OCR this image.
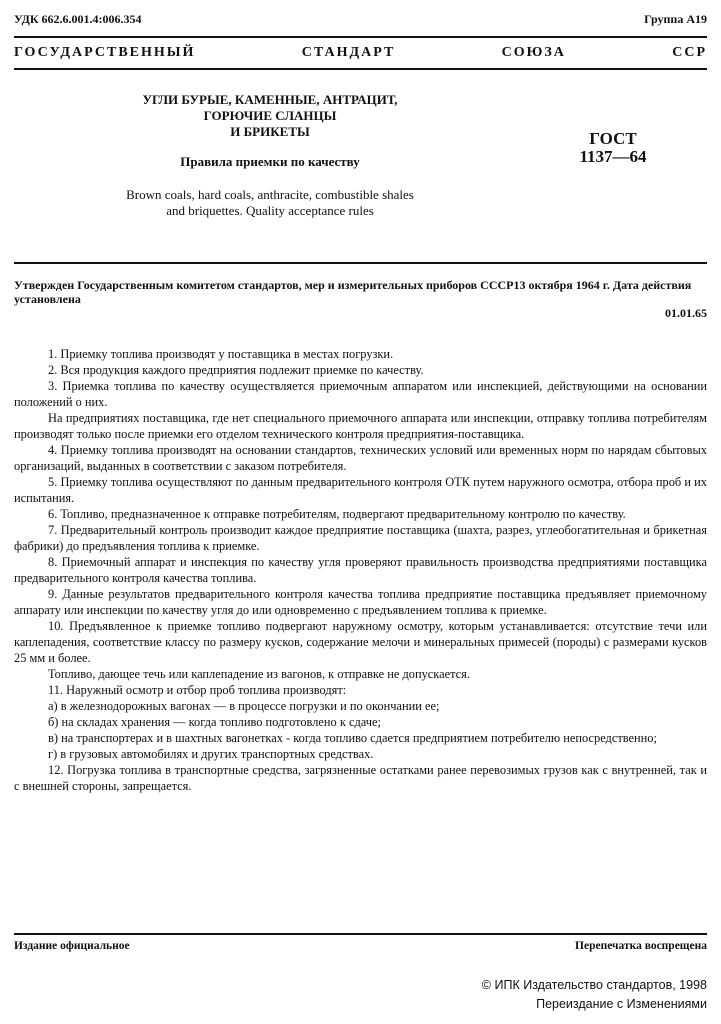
УДК 662.6.001.4:006.354	Группа А19
ГОСУДАРСТВЕННЫЙ СТАНДАРТ СОЮЗА ССР
УГЛИ БУРЫЕ, КАМЕННЫЕ, АНТРАЦИТ,
ГОРЮЧИЕ СЛАНЦЫ
И БРИКЕТЫ
Правила приемки по качеству
Brown coals, hard coals, anthracite, combustible shales
and briquettes. Quality acceptance rules
ГОСТ
1137—64
Утвержден Государственным комитетом стандартов, мер и измерительных приборов СССР13 октября 1964 г. Дата действия установлена
01.01.65

1. Приемку топлива производят у поставщика в местах погрузки.

2. Вся продукция каждого предприятия подлежит приемке по качеству.

3. Приемка топлива по качеству осуществляется приемочным аппаратом или инспекцией, действующими на основании положений о них.

На предприятиях поставщика, где нет специального приемочного аппарата или инспекции, отправку топлива потребителям производят только после приемки его отделом технического контроля предприятия-поставщика.

4. Приемку топлива производят на основании стандартов, технических условий или временных норм по нарядам сбытовых организаций, выданных в соответствии с заказом потребителя.

5. Приемку топлива осуществляют по данным предварительного контроля ОТК путем наружного осмотра, отбора проб и их испытания.

6. Топливо, предназначенное к отправке потребителям, подвергают предварительному контролю по качеству.

7. Предварительный контроль производит каждое предприятие поставщика (шахта, разрез, углеобогатительная и брикетная фабрики) до предъявления топлива к приемке.

8. Приемочный аппарат и инспекция по качеству угля проверяют правильность производства предприятиями поставщика предварительного контроля качества топлива.

9. Данные результатов предварительного контроля качества топлива предприятие поставщика предъявляет приемочному аппарату или инспекции по качеству угля до или одновременно с предъявлением топлива к приемке.

10. Предъявленное к приемке топливо подвергают наружному осмотру, которым устанавливается: отсутствие течи или каплепадения, соответствие классу по размеру кусков, содержание мелочи и минеральных примесей (породы) с размерами кусков 25 мм и более.

Топливо, дающее течь или каплепадение из вагонов, к отправке не допускается.

11. Наружный осмотр и отбор проб топлива производят:

а) в железнодорожных вагонах — в процессе погрузки и по окончании ее;

б) на складах хранения — когда топливо подготовлено к сдаче;

в) на транспортерах и в шахтных вагонетках - когда топливо сдается предприятием потребителю непосредственно;

г) в грузовых автомобилях и других транспортных средствах.

12. Погрузка топлива в транспортные средства, загрязненные остатками ранее перевозимых грузов как с внутренней, так и с внешней стороны, запрещается.

Издание официальное	Перепечатка воспрещена
© ИПК Издательство стандартов, 1998
Переиздание с Изменениями
